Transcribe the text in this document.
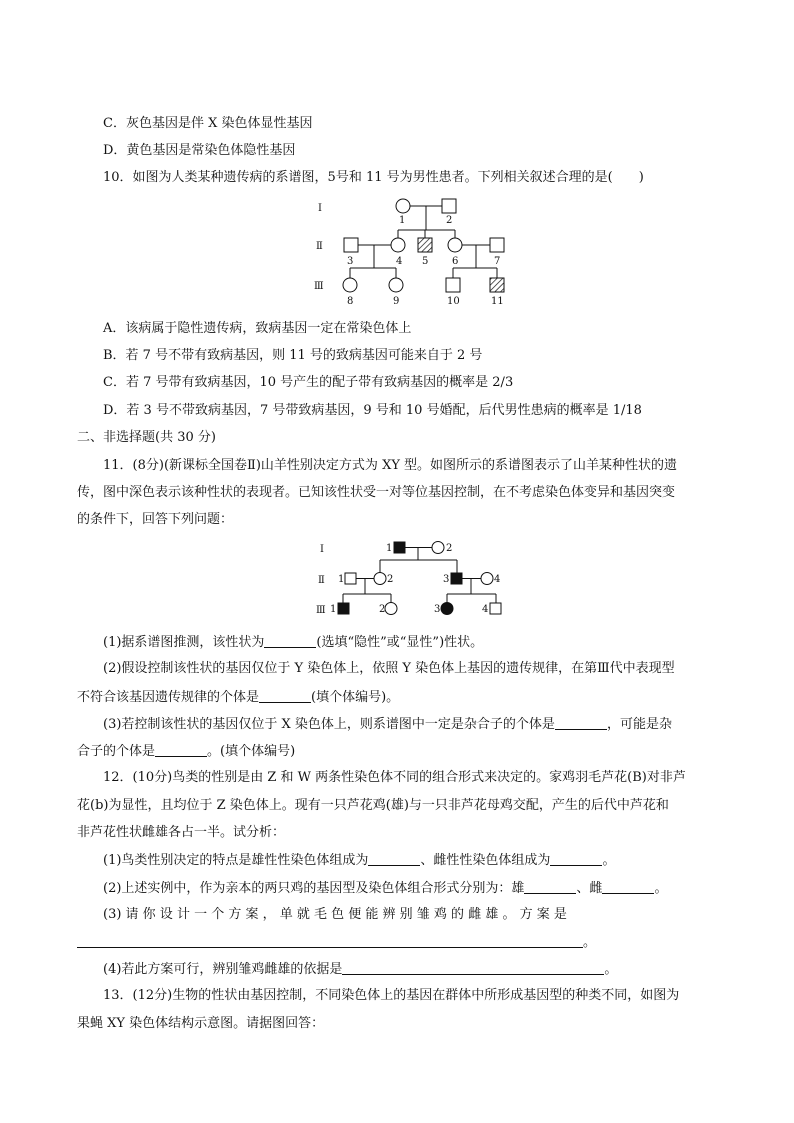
C．灰色基因是伴 X 染色体显性基因
D．黄色基因是常染色体隐性基因
10．如图为人类某种遗传病的系谱图，5号和 11 号为男性患者。下列相关叙述合理的是(　　)
Ⅰ
Ⅱ
Ⅲ
1	2
3	4 5 6	7
8	9	10	11
A．该病属于隐性遗传病，致病基因一定在常染色体上
B．若 7 号不带有致病基因，则 11 号的致病基因可能来自于 2 号
C．若 7 号带有致病基因，10 号产生的配子带有致病基因的概率是 2/3
D．若 3 号不带致病基因，7 号带致病基因，9 号和 10 号婚配，后代男性患病的概率是 1/18
二、非选择题(共 30 分)
11．(8分)(新课标全国卷Ⅱ)山羊性别决定方式为 XY 型。如图所示的系谱图表示了山羊某种性状的遗
传，图中深色表示该种性状的表现者。已知该性状受一对等位基因控制，在不考虑染色体变异和基因突变
的条件下，回答下列问题：
Ⅰ
Ⅱ
Ⅲ
1	2
1	2	3	4
1	2	3	4
(1)据系谱图推测，该性状为	(选填“隐性”或“显性”)性状。
(2)假设控制该性状的基因仅位于 Y 染色体上，依照 Y 染色体上基因的遗传规律，在第Ⅲ代中表现型
不符合该基因遗传规律的个体是	(填个体编号)。
(3)若控制该性状的基因仅位于 X 染色体上，则系谱图中一定是杂合子的个体是	，可能是杂
合子的个体是	。(填个体编号)
12．(10分)鸟类的性别是由 Z 和 W 两条性染色体不同的组合形式来决定的。家鸡羽毛芦花(B)对非芦
花(b)为显性，且均位于 Z 染色体上。现有一只芦花鸡(雄)与一只非芦花母鸡交配，产生的后代中芦花和
非芦花性状雌雄各占一半。试分析：
(1)鸟类性别决定的特点是雄性性染色体组成为	、雌性性染色体组成为	。
(2)上述实例中，作为亲本的两只鸡的基因型及染色体组合形式分别为：雄	、雌	。
(3) 请 你 设 计 一 个 方 案 ， 单 就 毛 色 便 能 辨 别 雏 鸡 的 雌 雄 。 方 案 是
。
(4)若此方案可行，辨别雏鸡雌雄的依据是	。
13．(12分)生物的性状由基因控制，不同染色体上的基因在群体中所形成基因型的种类不同，如图为
果蝇 XY 染色体结构示意图。请据图回答：
